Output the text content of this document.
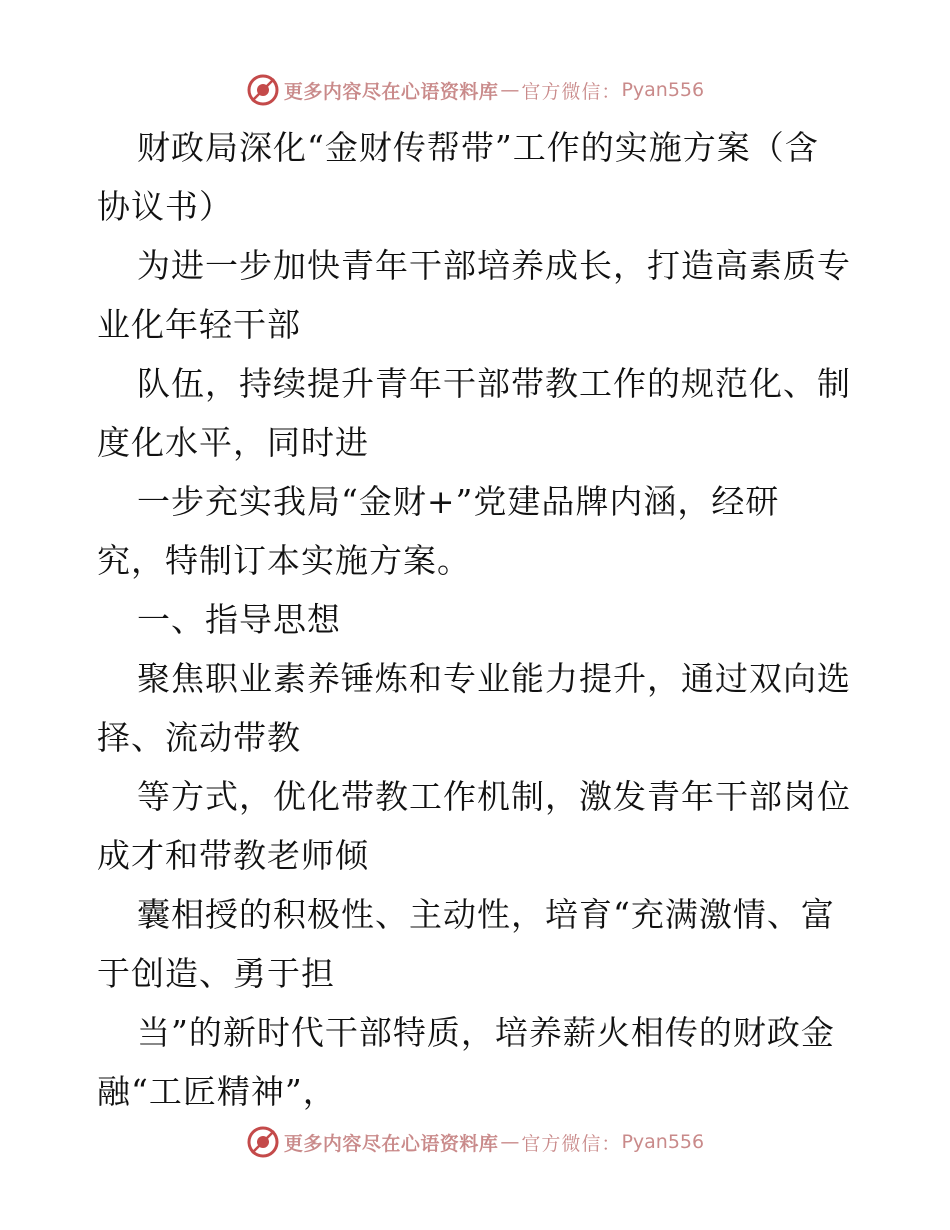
更多内容尽在心语资料库 — 官方微信： Pyan556
财政局深化“金财传帮带”工作的实施方案（含
协议书）
为进一步加快青年干部培养成长，打造高素质专
业化年轻干部
队伍，持续提升青年干部带教工作的规范化、制
度化水平，同时进
一步充实我局“金财+”党建品牌内涵，经研
究，特制订本实施方案。
一、指导思想
聚焦职业素养锤炼和专业能力提升，通过双向选
择、流动带教
等方式，优化带教工作机制，激发青年干部岗位
成才和带教老师倾
囊相授的积极性、主动性，培育“充满激情、富
于创造、勇于担
当”的新时代干部特质，培养薪火相传的财政金
融“工匠精神”，
更多内容尽在心语资料库 — 官方微信： Pyan556
